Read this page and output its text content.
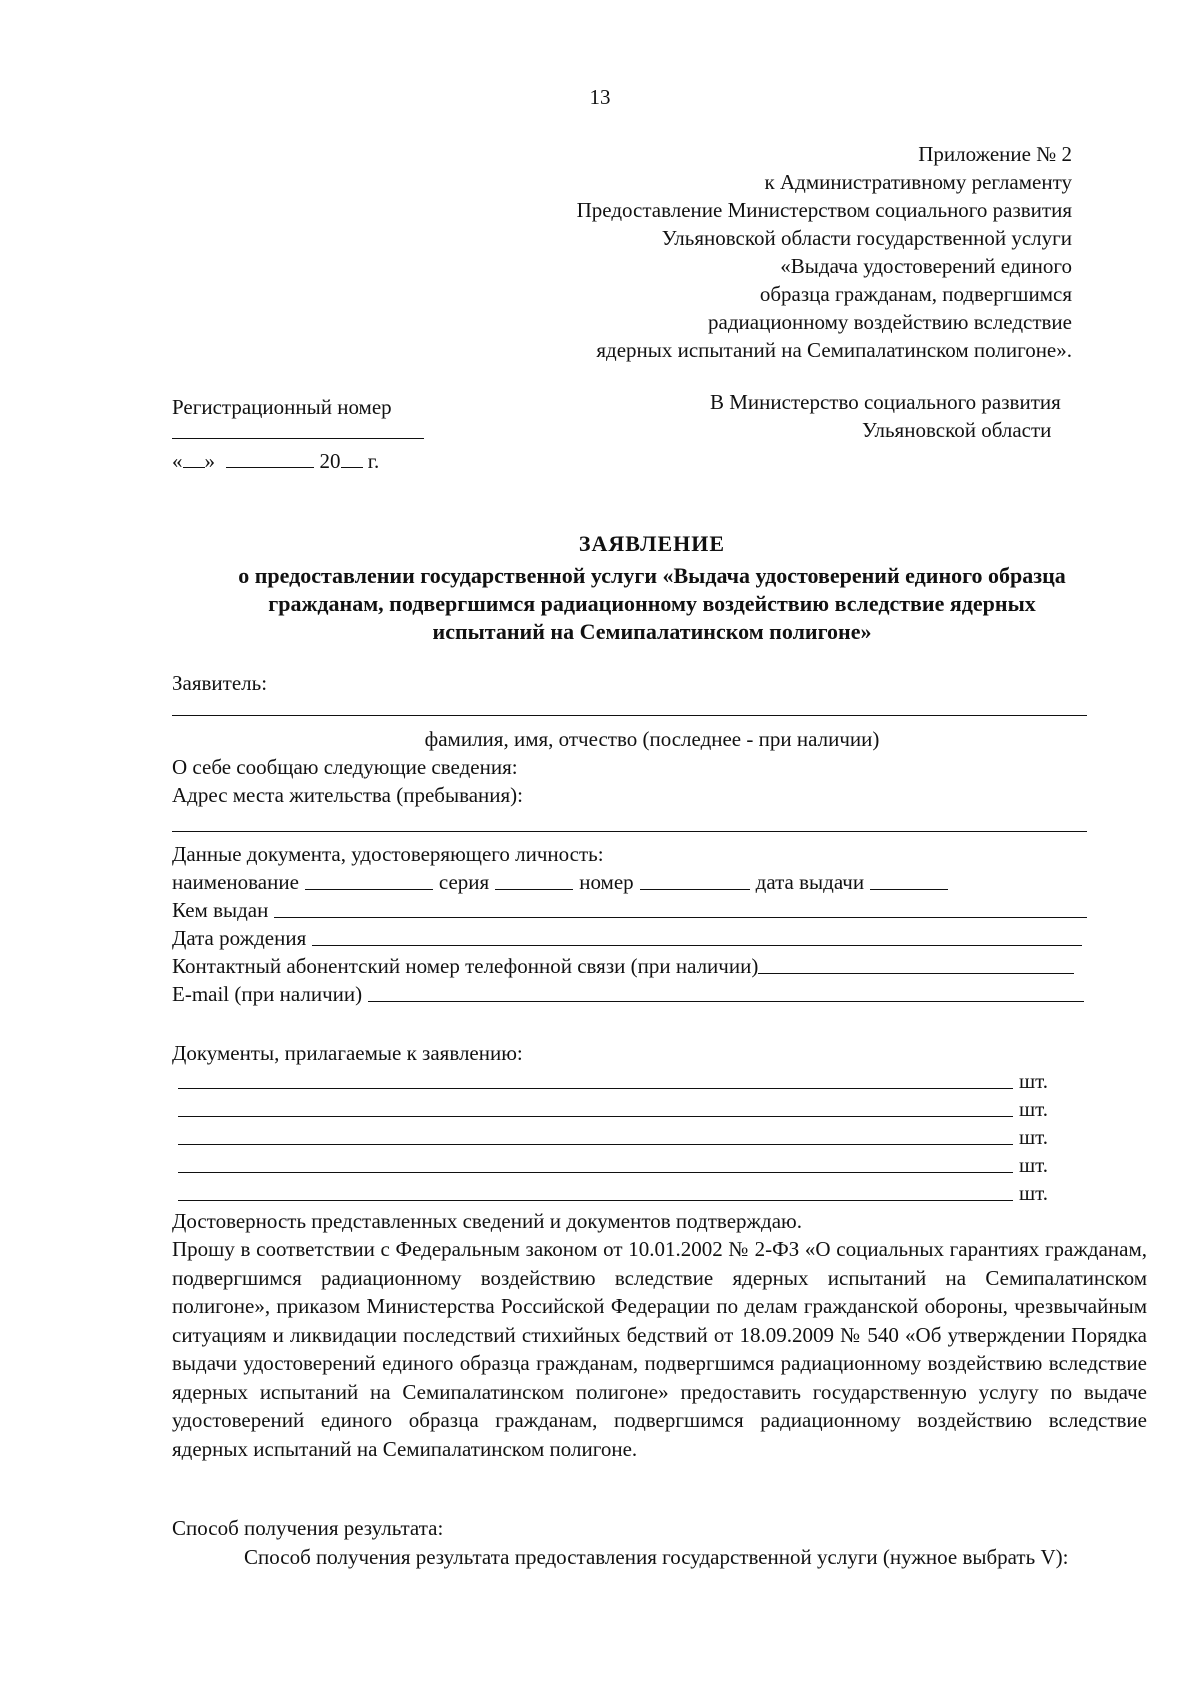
13
Приложение № 2
к Административному регламенту
Предоставление Министерством социального развития
Ульяновской области государственной услуги
«Выдача удостоверений единого
образца гражданам, подвергшимся
радиационному воздействию вследствие
ядерных испытаний на Семипалатинском полигоне».
Регистрационный номер
« »	20 г.
В Министерство социального развития
Ульяновской области
ЗАЯВЛЕНИЕ
о предоставлении государственной услуги «Выдача удостоверений единого образца
гражданам, подвергшимся радиационному воздействию вследствие ядерных
испытаний на Семипалатинском полигоне»
Заявитель:
фамилия, имя, отчество (последнее - при наличии)
О себе сообщаю следующие сведения:
Адрес места жительства (пребывания):
Данные документа, удостоверяющего личность:
наименование	серия	номер	дата выдачи
Кем выдан
Дата рождения
Контактный абонентский номер телефонной связи (при наличии)
E-mail (при наличии)
Документы, прилагаемые к заявлению:
шт.
шт.
шт.
шт.
шт.
Достоверность представленных сведений и документов подтверждаю.
Прошу в соответствии с Федеральным законом от 10.01.2002 № 2-ФЗ «О социальных гарантиях гражданам, подвергшимся радиационному воздействию вследствие ядерных испытаний на Семипалатинском полигоне», приказом Министерства Российской Федерации по делам гражданской обороны, чрезвычайным ситуациям и ликвидации последствий стихийных бедствий от 18.09.2009 № 540 «Об утверждении Порядка выдачи удостоверений единого образца гражданам, подвергшимся радиационному воздействию вследствие ядерных испытаний на Семипалатинском полигоне» предоставить государственную услугу по выдаче удостоверений единого образца гражданам, подвергшимся радиационному воздействию вследствие ядерных испытаний на Семипалатинском полигоне.
Способ получения результата:
Способ получения результата предоставления государственной услуги (нужное выбрать V):
